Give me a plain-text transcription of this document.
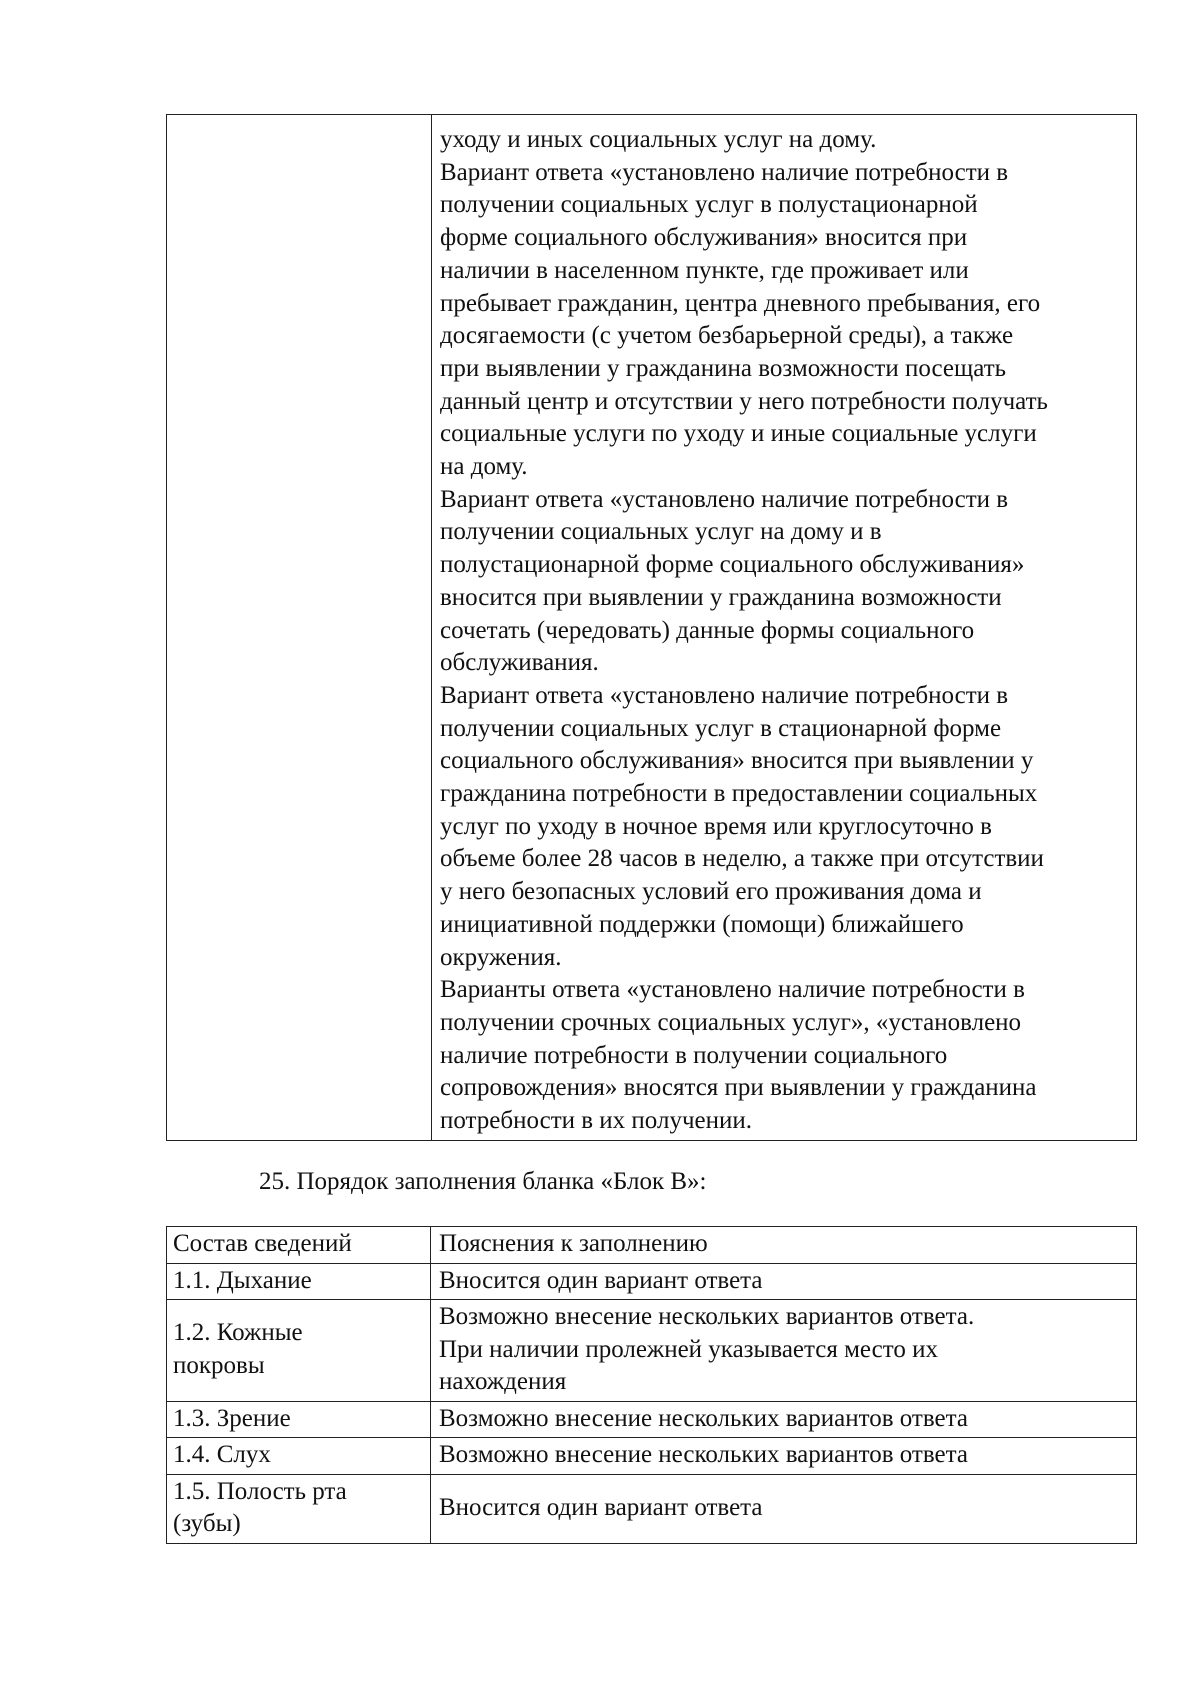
уходу и иных социальных услуг на дому.
Вариант ответа «установлено наличие потребности в
получении социальных услуг в полустационарной
форме социального обслуживания» вносится при
наличии в населенном пункте, где проживает или
пребывает гражданин, центра дневного пребывания, его
досягаемости (с учетом безбарьерной среды), а также
при выявлении у гражданина возможности посещать
данный центр и отсутствии у него потребности получать
социальные услуги по уходу и иные социальные услуги
на дому.
Вариант ответа «установлено наличие потребности в
получении социальных услуг на дому и в
полустационарной форме социального обслуживания»
вносится при выявлении у гражданина возможности
сочетать (чередовать) данные формы социального
обслуживания.
Вариант ответа «установлено наличие потребности в
получении социальных услуг в стационарной форме
социального обслуживания» вносится при выявлении у
гражданина потребности в предоставлении социальных
услуг по уходу в ночное время или круглосуточно в
объеме более 28 часов в неделю, а также при отсутствии
у него безопасных условий его проживания дома и
инициативной поддержки (помощи) ближайшего
окружения.
Варианты ответа «установлено наличие потребности в
получении срочных социальных услуг», «установлено
наличие потребности в получении социального
сопровождения» вносятся при выявлении у гражданина
потребности в их получении.

25. Порядок заполнения бланка «Блок В»:

Состав сведений	Пояснения к заполнению

1.1. Дыхание	Вносится один вариант ответа

1.2. Кожные
покровы	Возможно внесение нескольких вариантов ответа.
При наличии пролежней указывается место их
нахождения

1.3. Зрение	Возможно внесение нескольких вариантов ответа

1.4. Слух	Возможно внесение нескольких вариантов ответа

1.5. Полость рта
(зубы)	Вносится один вариант ответа
